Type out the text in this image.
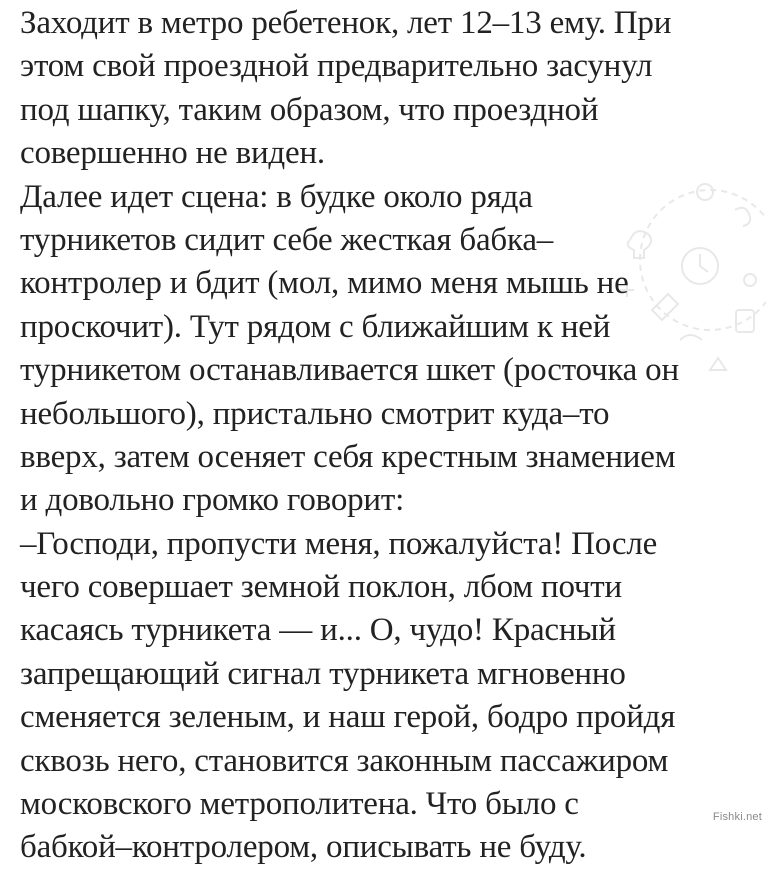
Заходит в метро ребетенок, лет 12–13 ему. При
этом свой проездной предварительно засунул
под шапку, таким образом, что проездной
совершенно не виден.
Далее идет сцена: в будке около ряда
турникетов сидит себе жесткая бабка–
контролер и бдит (мол, мимо меня мышь не
проскочит). Тут рядом с ближайшим к ней
турникетом останавливается шкет (росточка он
небольшого), пристально смотрит куда–то
вверх, затем осеняет себя крестным знамением
и довольно громко говорит:
–Господи, пропусти меня, пожалуйста! После
чего совершает земной поклон, лбом почти
касаясь турникета — и... О, чудо! Красный
запрещающий сигнал турникета мгновенно
сменяется зеленым, и наш герой, бодро пройдя
сквозь него, становится законным пассажиром
московского метрополитена. Что было с
бабкой–контролером, описывать не буду.
Fishki.net
